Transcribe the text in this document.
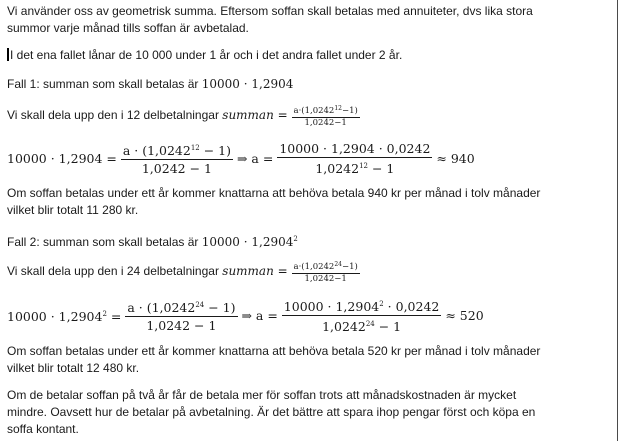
Vi använder oss av geometrisk summa. Eftersom soffan skall betalas med annuiteter, dvs lika stora
summor varje månad tills soffan är avbetalad.
I det ena fallet lånar de 10 000 under 1 år och i det andra fallet under 2 år.
Fall 1: summan som skall betalas är 10000 · 1,2904
Vi skall dela upp den i 12 delbetalningar summan = $\frac{a\cdot(1,0242^{12}-1)}{1,0242-1}$
$10000 \cdot 1,2904 = \frac{a \cdot (1,0242^{12} - 1)}{1,0242 - 1}$ ⇒ $a = \frac{10000 \cdot 1,2904 \cdot 0,0242}{1,0242^{12} - 1} \approx 940$
Om soffan betalas under ett år kommer knattarna att behöva betala 940 kr per månad i tolv månader
vilket blir totalt 11 280 kr.
Fall 2: summan som skall betalas är $10000 \cdot 1,2904^2$
Vi skall dela upp den i 24 delbetalningar summan = $\frac{a\cdot(1,0242^{24}-1)}{1,0242-1}$
$10000 \cdot 1,2904^2 = \frac{a \cdot (1,0242^{24} - 1)}{1,0242 - 1}$ ⇒ $a = \frac{10000 \cdot 1,2904^2 \cdot 0,0242}{1,0242^{24} - 1} \approx 520$
Om soffan betalas under ett år kommer knattarna att behöva betala 520 kr per månad i tolv månader
vilket blir totalt 12 480 kr.
Om de betalar soffan på två år får de betala mer för soffan trots att månadskostnaden är mycket
mindre. Oavsett hur de betalar på avbetalning. Är det bättre att spara ihop pengar först och köpa en
soffa kontant.
